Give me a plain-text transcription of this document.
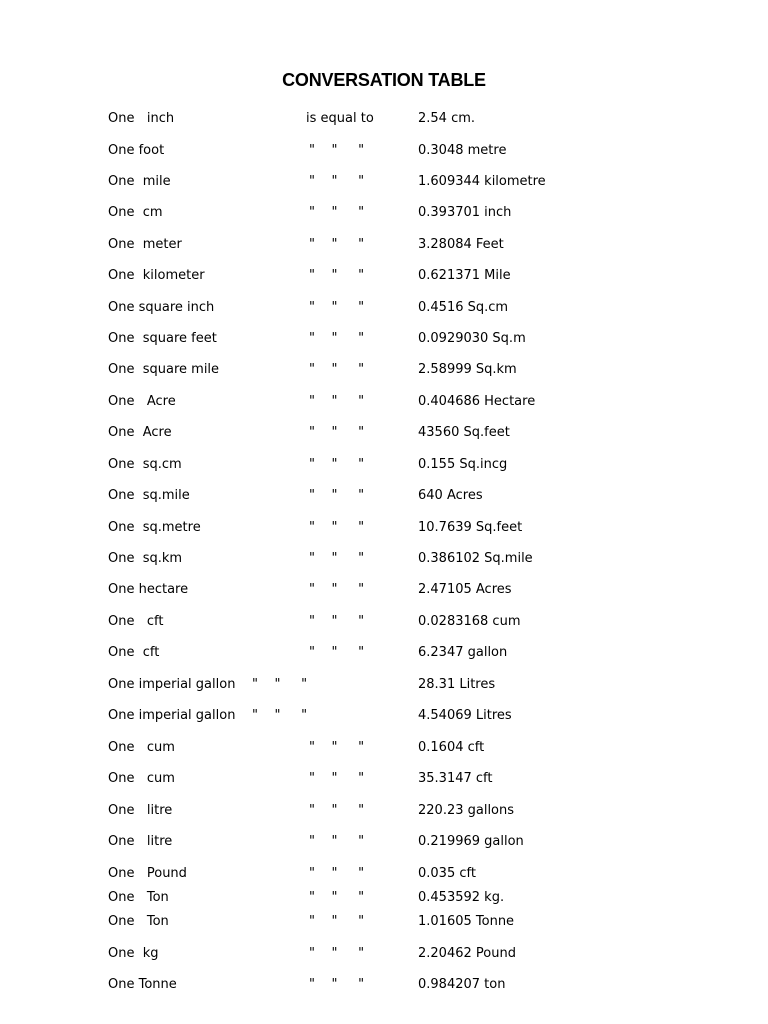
CONVERSATION TABLE
One   inch	is equal to	2.54 cm.
One foot	"    "     "	0.3048 metre
One  mile	"    "     "	1.609344 kilometre
One  cm	"    "     "	0.393701 inch
One  meter	"    "     "	3.28084 Feet
One  kilometer	"    "     "	0.621371 Mile
One square inch	"    "     "	0.4516 Sq.cm
One  square feet	"    "     "	0.0929030 Sq.m
One  square mile	"    "     "	2.58999 Sq.km
One   Acre	"    "     "	0.404686 Hectare
One  Acre	"    "     "	43560 Sq.feet
One  sq.cm	"    "     "	0.155 Sq.incg
One  sq.mile	"    "     "	640 Acres
One  sq.metre	"    "     "	10.7639 Sq.feet
One  sq.km	"    "     "	0.386102 Sq.mile
One hectare	"    "     "	2.47105 Acres
One   cft	"    "     "	0.0283168 cum
One  cft	"    "     "	6.2347 gallon
One imperial gallon "    "     "	28.31 Litres
One imperial gallon "    "     "	4.54069 Litres
One   cum	"    "     "	0.1604 cft
One   cum	"    "     "	35.3147 cft
One   litre	"    "     "	220.23 gallons
One   litre	"    "     "	0.219969 gallon
One   Pound	"    "     "	0.035 cft
One   Ton	"    "     "	0.453592 kg.
One   Ton	"    "     "	1.01605 Tonne
One  kg	"    "     "	2.20462 Pound
One Tonne	"    "     "	0.984207 ton
